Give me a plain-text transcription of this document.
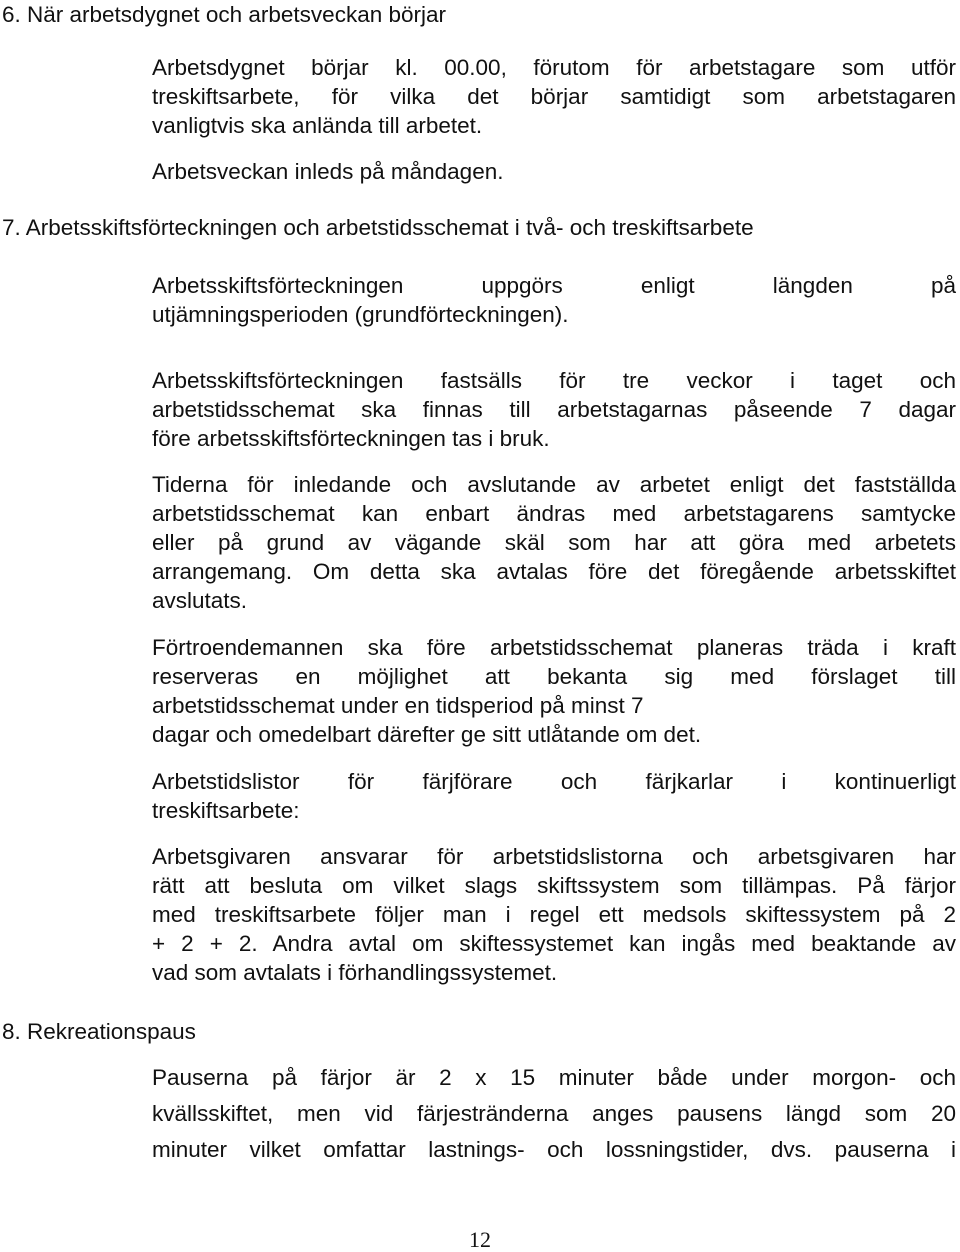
6. När arbetsdygnet och arbetsveckan börjar
Arbetsdygnet börjar kl. 00.00, förutom för arbetstagare som utför
treskiftsarbete, för vilka det börjar samtidigt som arbetstagaren
vanligtvis ska anlända till arbetet.
Arbetsveckan inleds på måndagen.
7. Arbetsskiftsförteckningen och arbetstidsschemat i två- och treskiftsarbete
Arbetsskiftsförteckningen uppgörs enligt längden på
utjämningsperioden (grundförteckningen).
Arbetsskiftsförteckningen fastsälls för tre veckor i taget och
arbetstidsschemat ska finnas till arbetstagarnas påseende 7 dagar
före arbetsskiftsförteckningen tas i bruk.
Tiderna för inledande och avslutande av arbetet enligt det fastställda
arbetstidsschemat kan enbart ändras med arbetstagarens samtycke
eller på grund av vägande skäl som har att göra med arbetets
arrangemang. Om detta ska avtalas före det föregående arbetsskiftet
avslutats.
Förtroendemannen ska före arbetstidsschemat planeras träda i kraft
reserveras en möjlighet att bekanta sig med förslaget till
arbetstidsschemat under en tidsperiod på minst 7
dagar och omedelbart därefter ge sitt utlåtande om det.
Arbetstidslistor för färjförare och färjkarlar i kontinuerligt
treskiftsarbete:
Arbetsgivaren ansvarar för arbetstidslistorna och arbetsgivaren har
rätt att besluta om vilket slags skiftssystem som tillämpas. På färjor
med treskiftsarbete följer man i regel ett medsols skiftessystem på 2
+ 2 + 2. Andra avtal om skiftessystemet kan ingås med beaktande av
vad som avtalats i förhandlingssystemet.
8. Rekreationspaus
Pauserna på färjor är 2 x 15 minuter både under morgon- och
kvällsskiftet, men vid färjestränderna anges pausens längd som 20
minuter vilket omfattar lastnings- och lossningstider, dvs. pauserna i
12
